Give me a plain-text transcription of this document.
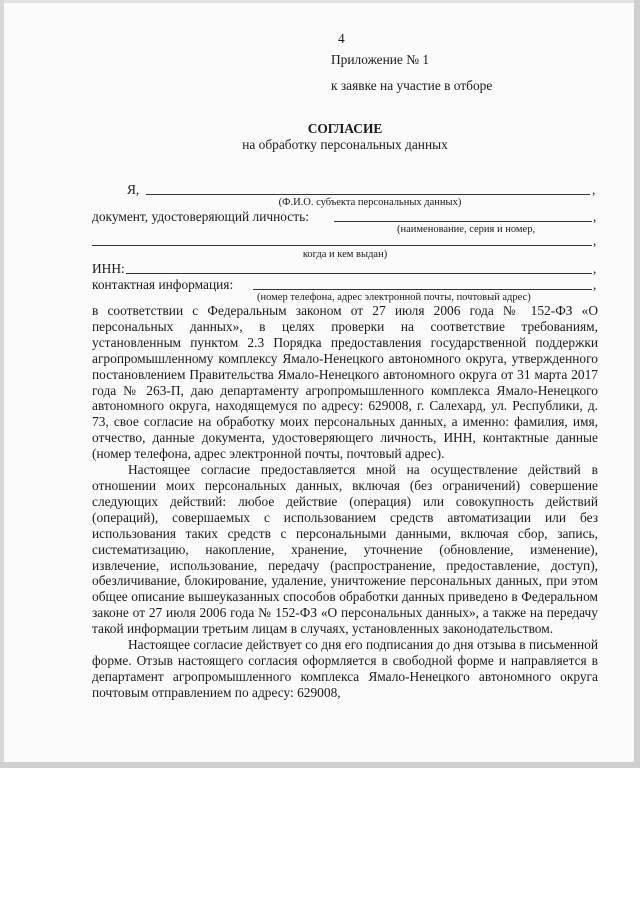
4
Приложение № 1
к заявке на участие в отборе
СОГЛАСИЕ
на обработку персональных данных
Я,	,
(Ф.И.О. субъекта персональных данных)
документ, удостоверяющий личность:	,
(наименование, серия и номер,
,
когда и кем выдан)
ИНН:	,
контактная информация:	,
(номер телефона, адрес электронной почты, почтовый адрес)

в соответствии с Федеральным законом от 27 июля 2006 года № 152-ФЗ «О персональных данных», в целях проверки на соответствие требованиям, установленным пунктом 2.3 Порядка предоставления государственной поддержки агропромышленному комплексу Ямало-Ненецкого автономного округа, утвержденного постановлением Правительства Ямало-Ненецкого автономного округа от 31 марта 2017 года № 263-П, даю департаменту агропромышленного комплекса Ямало-Ненецкого автономного округа, находящемуся по адресу: 629008, г. Салехард, ул. Республики, д. 73, свое согласие на обработку моих персональных данных, а именно: фамилия, имя, отчество, данные документа, удостоверяющего личность, ИНН, контактные данные (номер телефона, адрес электронной почты, почтовый адрес).

Настоящее согласие предоставляется мной на осуществление действий в отношении моих персональных данных, включая (без ограничений) совершение следующих действий: любое действие (операция) или совокупность действий (операций), совершаемых с использованием средств автоматизации или без использования таких средств с персональными данными, включая сбор, запись, систематизацию, накопление, хранение, уточнение (обновление, изменение), извлечение, использование, передачу (распространение, предоставление, доступ), обезличивание, блокирование, удаление, уничтожение персональных данных, при этом общее описание вышеуказанных способов обработки данных приведено в Федеральном законе от 27 июля 2006 года № 152-ФЗ «О персональных данных», а также на передачу такой информации третьим лицам в случаях, установленных законодательством.

Настоящее согласие действует со дня его подписания до дня отзыва в письменной форме. Отзыв настоящего согласия оформляется в свободной форме и направляется в департамент агропромышленного комплекса Ямало-Ненецкого автономного округа почтовым отправлением по адресу: 629008,
